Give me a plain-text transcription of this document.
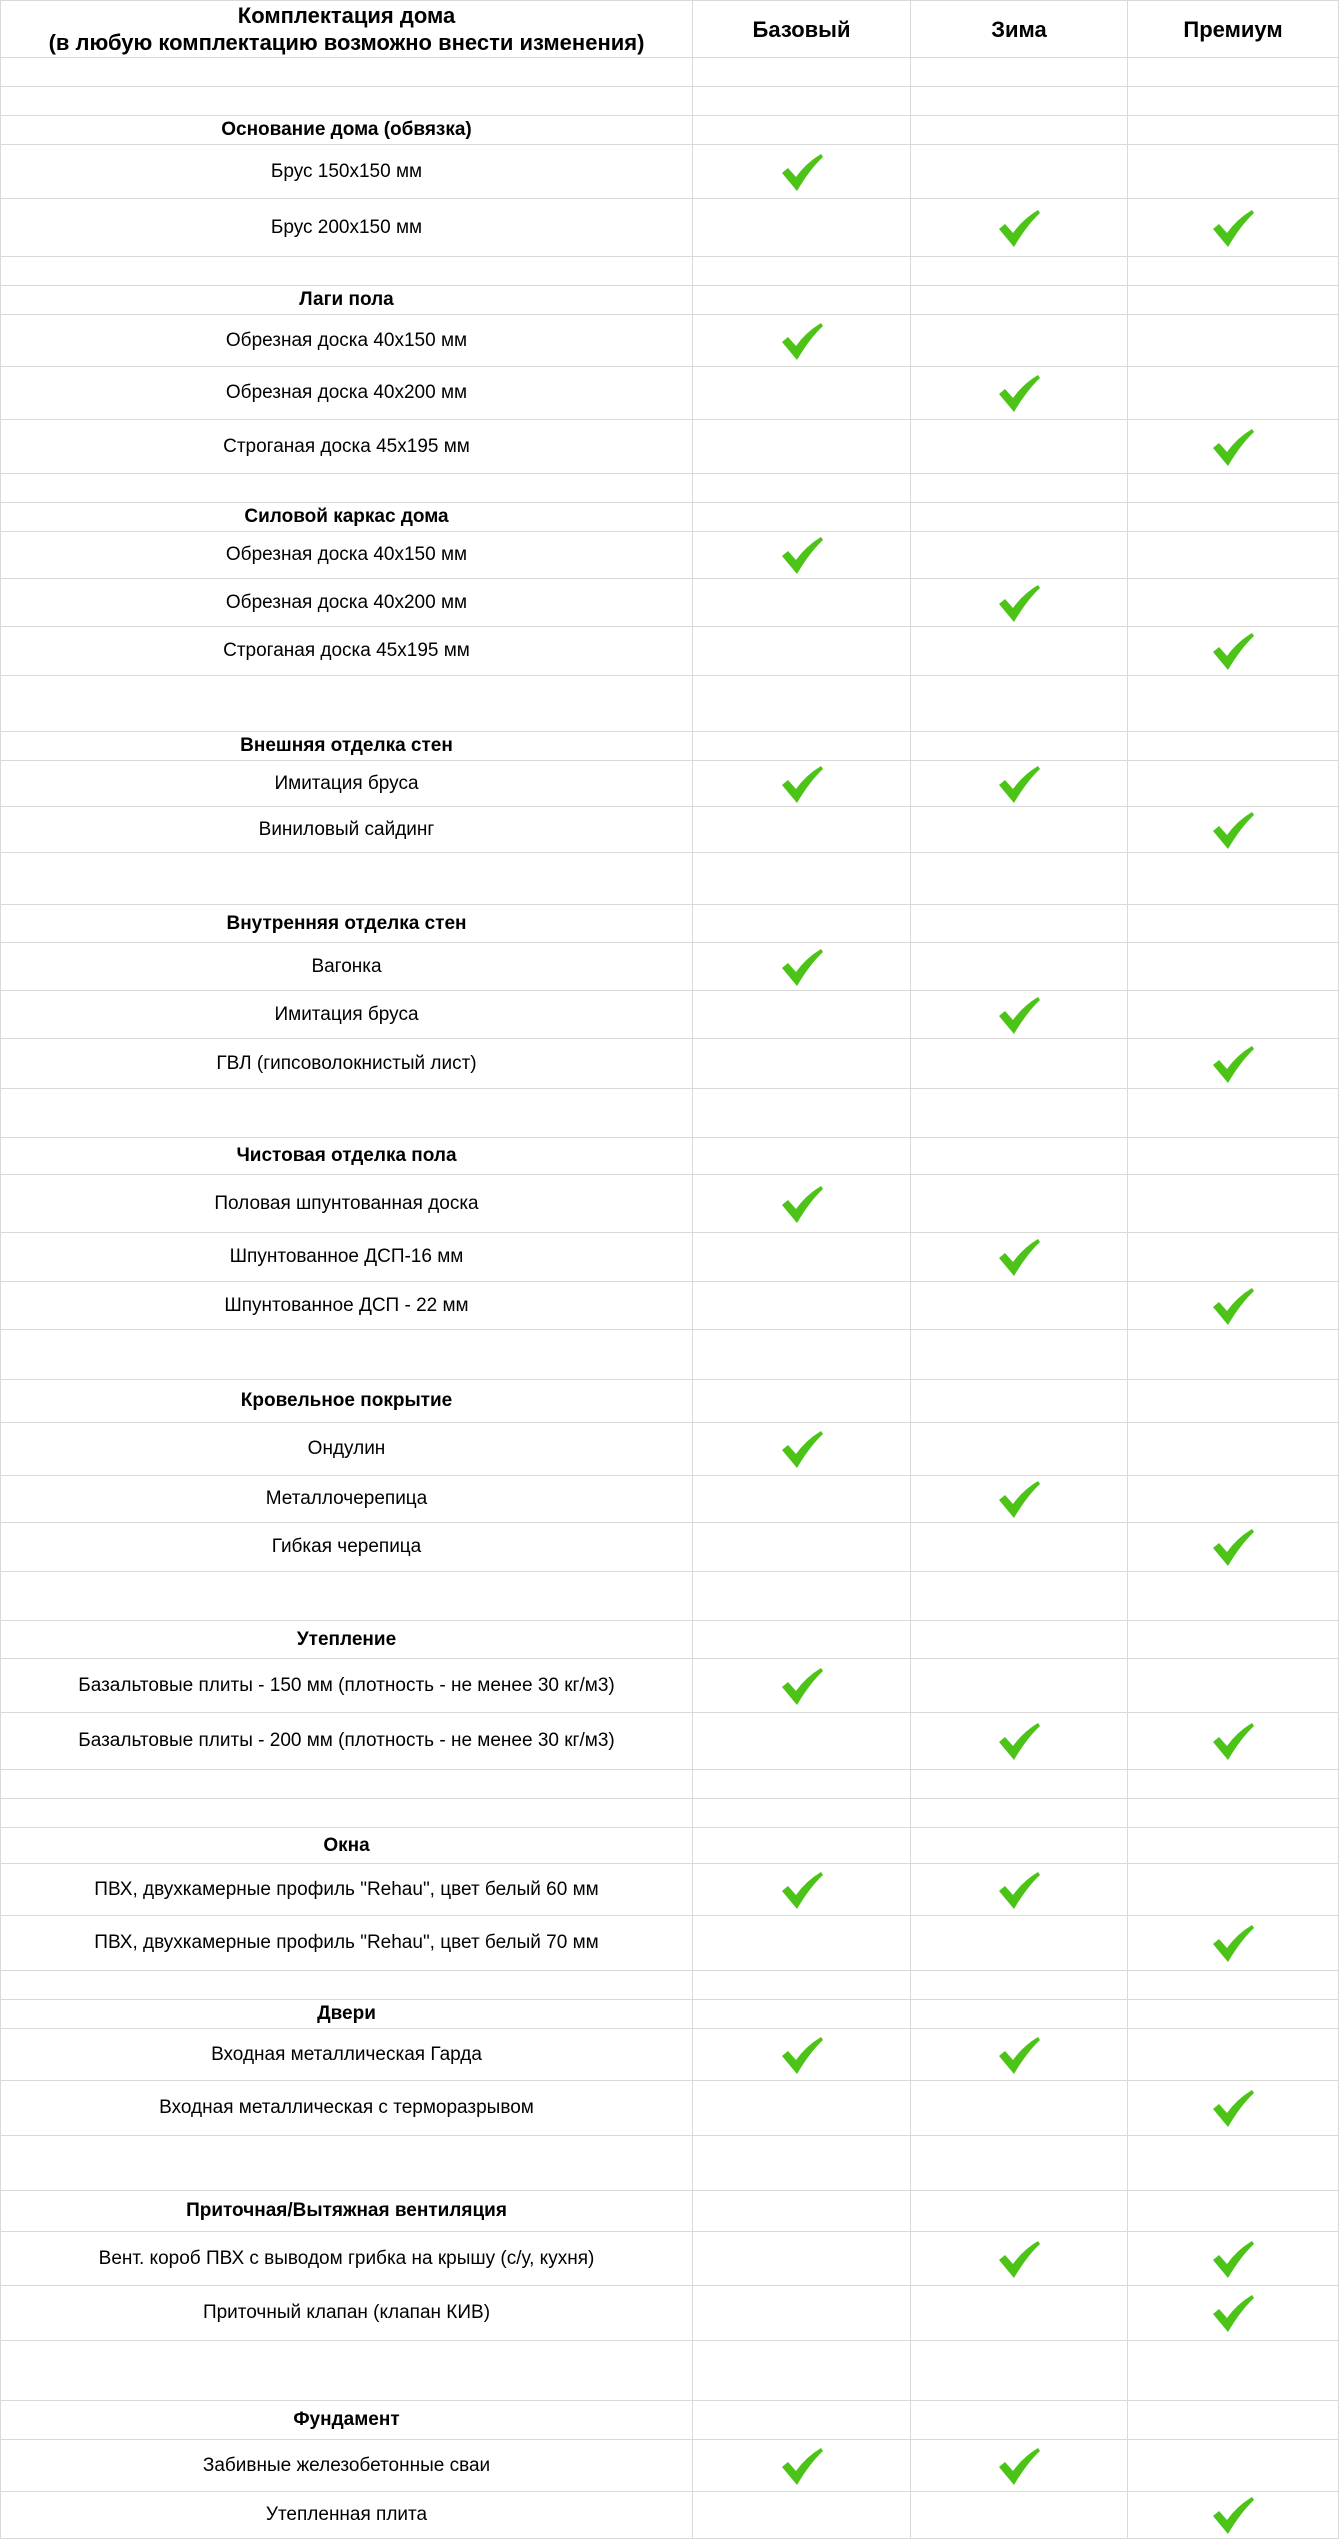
Комплектация дома
(в любую комплектацию возможно внести изменения)
Базовый	Зима	Премиум
Основание дома (обвязка)
Брус 150х150 мм
Брус 200х150 мм
Лаги пола
Обрезная доска 40х150 мм
Обрезная доска 40х200 мм
Строганая доска 45х195 мм
Силовой каркас дома
Обрезная доска 40х150 мм
Обрезная доска 40х200 мм
Строганая доска 45х195 мм
Внешняя отделка стен
Имитация бруса
Виниловый сайдинг
Внутренняя отделка стен
Вагонка
Имитация бруса
ГВЛ (гипсоволокнистый лист)
Чистовая отделка пола
Половая шпунтованная доска
Шпунтованное ДСП-16 мм
Шпунтованное ДСП - 22 мм
Кровельное покрытие
Ондулин
Металлочерепица
Гибкая черепица
Утепление
Базальтовые плиты - 150 мм (плотность - не менее 30 кг/м3)
Базальтовые плиты - 200 мм (плотность - не менее 30 кг/м3)
Окна
ПВХ, двухкамерные профиль "Rehau", цвет белый 60 мм
ПВХ, двухкамерные профиль "Rehau", цвет белый 70 мм
Двери
Входная металлическая Гарда
Входная металлическая с терморазрывом
Приточная/Вытяжная вентиляция
Вент. короб ПВХ с выводом грибка на крышу (с/у, кухня)
Приточный клапан (клапан КИВ)
Фундамент
Забивные железобетонные сваи
Утепленная плита
